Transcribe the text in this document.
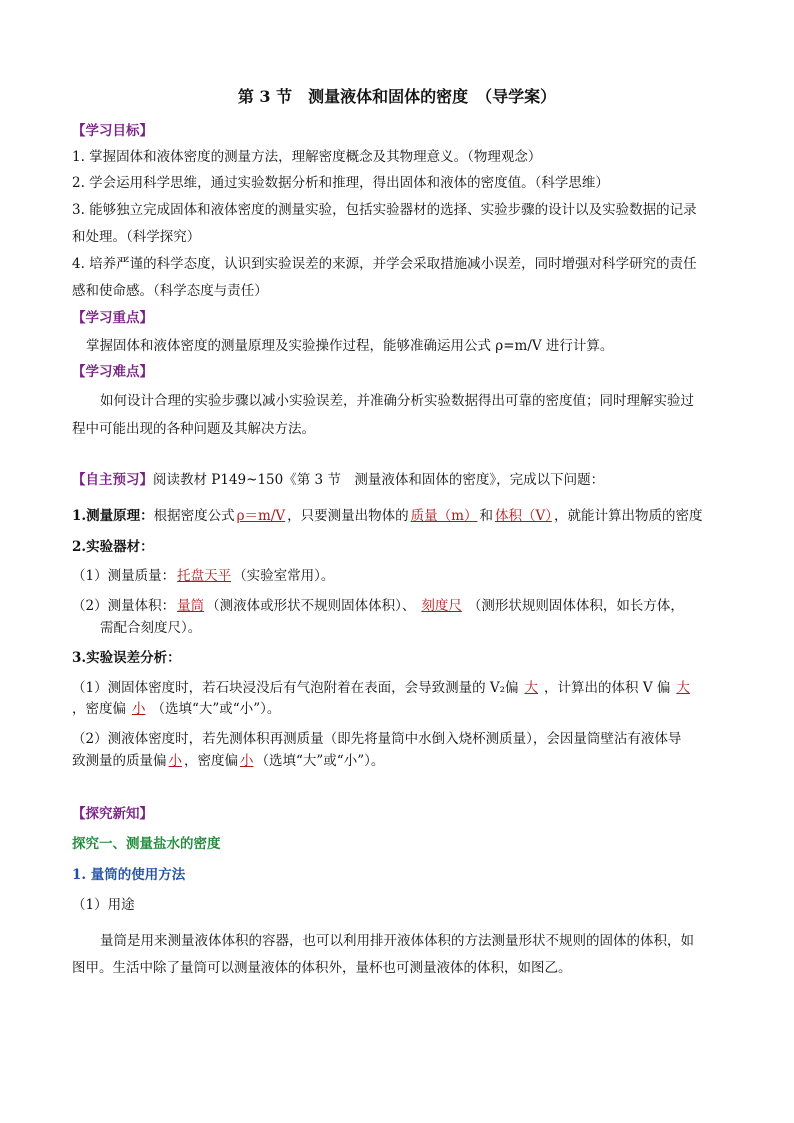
第 3 节　测量液体和固体的密度　（导学案）
【学习目标】
1. 掌握固体和液体密度的测量方法，理解密度概念及其物理意义。（物理观念）
2. 学会运用科学思维，通过实验数据分析和推理，得出固体和液体的密度值。（科学思维）
3. 能够独立完成固体和液体密度的测量实验，包括实验器材的选择、实验步骤的设计以及实验数据的记录
和处理。（科学探究）
4. 培养严谨的科学态度，认识到实验误差的来源，并学会采取措施减小误差，同时增强对科学研究的责任
感和使命感。（科学态度与责任）
【学习重点】
掌握固体和液体密度的测量原理及实验操作过程，能够准确运用公式 ρ=m/V 进行计算。
【学习难点】
如何设计合理的实验步骤以减小实验误差，并准确分析实验数据得出可靠的密度值；同时理解实验过
程中可能出现的各种问题及其解决方法。
【自主预习】阅读教材 P149~150《第 3 节　测量液体和固体的密度》，完成以下问题：
1.测量原理：根据密度公式 ρ＝m/V ，只要测量出物体的 质量（m） 和 体积（V） ，就能计算出物质的密度
2.实验器材：
（1）测量质量： 托盘天平 （实验室常用）。
（2）测量体积： 量筒 （测液体或形状不规则固体体积）、 刻度尺 （测形状规则固体体积，如长方体，
需配合刻度尺）。
3.实验误差分析：
（1）测固体密度时，若石块浸没后有气泡附着在表面，会导致测量的 V₂偏 大 ，计算出的体积 V 偏 大
，密度偏 小 （选填“大”或“小”）。
（2）测液体密度时，若先测体积再测质量（即先将量筒中水倒入烧杯测质量），会因量筒壁沾有液体导
致测量的质量偏 小 ，密度偏 小 （选填“大”或“小”）。
【探究新知】
探究一、测量盐水的密度
1. 量筒的使用方法
（1）用途
量筒是用来测量液体体积的容器，也可以利用排开液体体积的方法测量形状不规则的固体的体积，如
图甲。生活中除了量筒可以测量液体的体积外，量杯也可测量液体的体积，如图乙。
